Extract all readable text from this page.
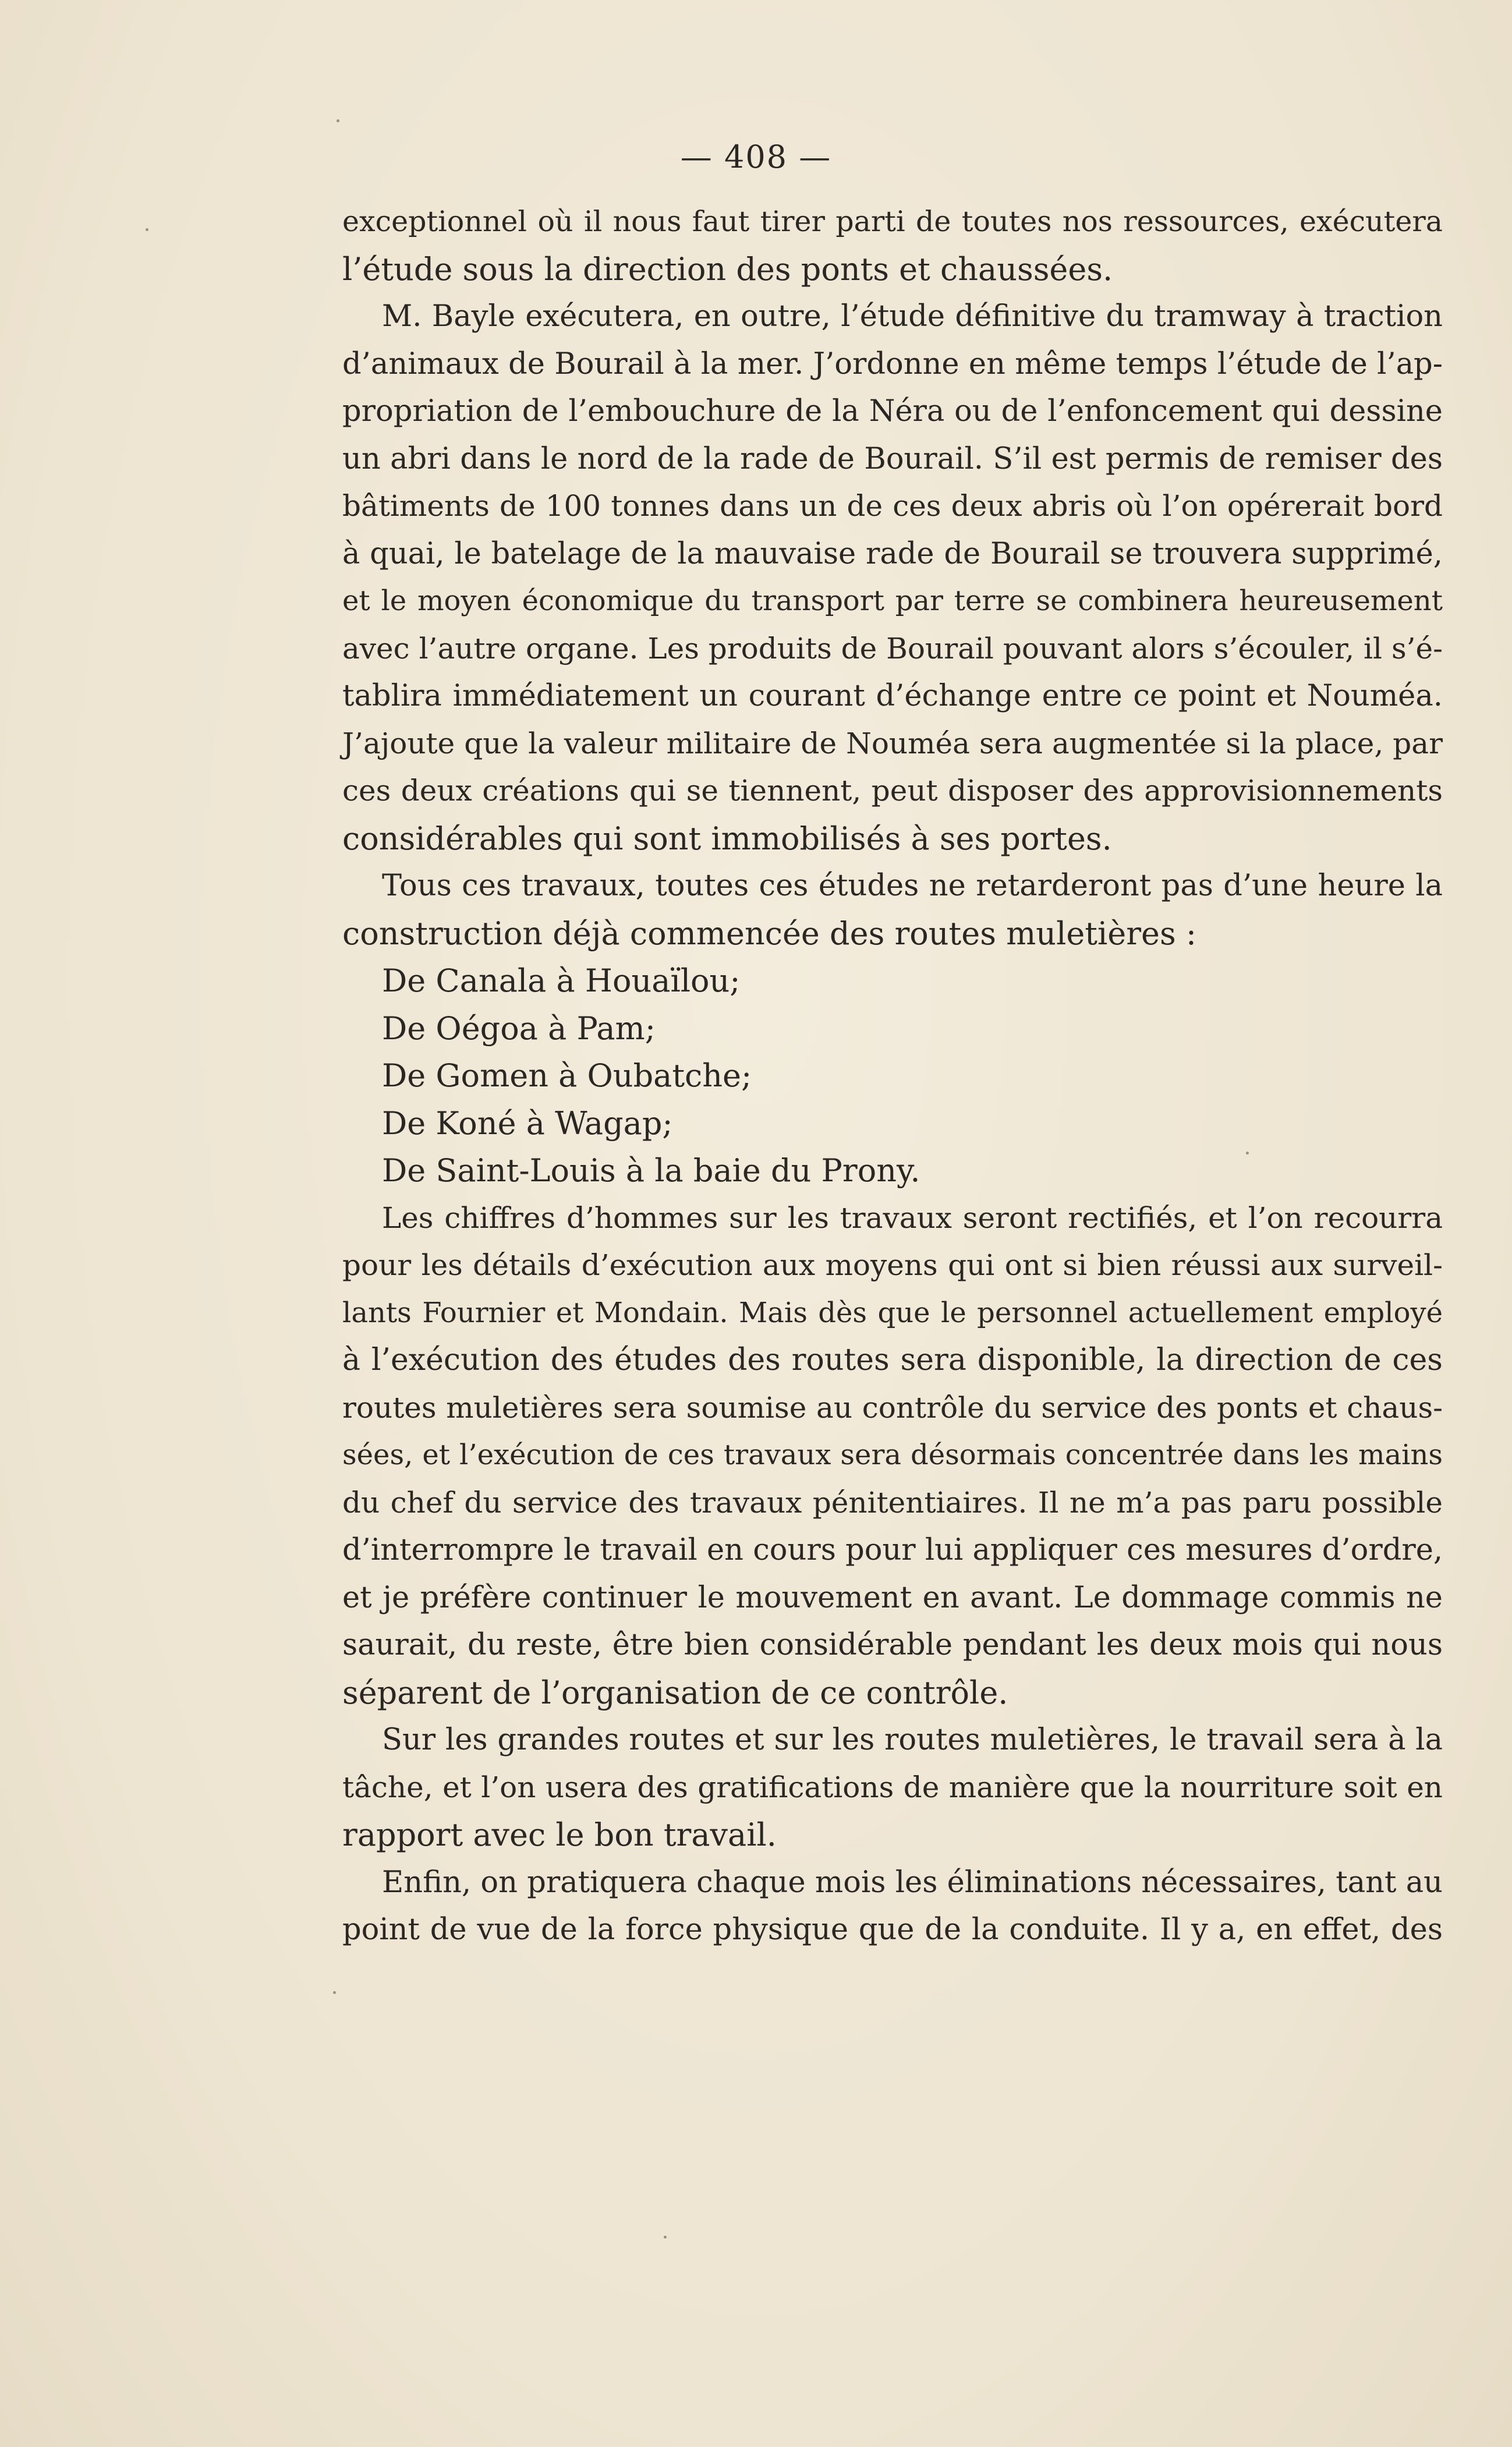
— 408 —
exceptionnel où il nous faut tirer parti de toutes nos ressources, exécutera
l’étude sous la direction des ponts et chaussées.
M. Bayle exécutera, en outre, l’étude définitive du tramway à traction
d’animaux de Bourail à la mer. J’ordonne en même temps l’étude de l’ap-
propriation de l’embouchure de la Néra ou de l’enfoncement qui dessine
un abri dans le nord de la rade de Bourail. S’il est permis de remiser des
bâtiments de 100 tonnes dans un de ces deux abris où l’on opérerait bord
à quai, le batelage de la mauvaise rade de Bourail se trouvera supprimé,
et le moyen économique du transport par terre se combinera heureusement
avec l’autre organe. Les produits de Bourail pouvant alors s’écouler, il s’é-
tablira immédiatement un courant d’échange entre ce point et Nouméa.
J’ajoute que la valeur militaire de Nouméa sera augmentée si la place, par
ces deux créations qui se tiennent, peut disposer des approvisionnements
considérables qui sont immobilisés à ses portes.
Tous ces travaux, toutes ces études ne retarderont pas d’une heure la
construction déjà commencée des routes muletières :
De Canala à Houaïlou;
De Oégoa à Pam;
De Gomen à Oubatche;
De Koné à Wagap;
De Saint-Louis à la baie du Prony.
Les chiffres d’hommes sur les travaux seront rectifiés, et l’on recourra
pour les détails d’exécution aux moyens qui ont si bien réussi aux surveil-
lants Fournier et Mondain. Mais dès que le personnel actuellement employé
à l’exécution des études des routes sera disponible, la direction de ces
routes muletières sera soumise au contrôle du service des ponts et chaus-
sées, et l’exécution de ces travaux sera désormais concentrée dans les mains
du chef du service des travaux pénitentiaires. Il ne m’a pas paru possible
d’interrompre le travail en cours pour lui appliquer ces mesures d’ordre,
et je préfère continuer le mouvement en avant. Le dommage commis ne
saurait, du reste, être bien considérable pendant les deux mois qui nous
séparent de l’organisation de ce contrôle.
Sur les grandes routes et sur les routes muletières, le travail sera à la
tâche, et l’on usera des gratifications de manière que la nourriture soit en
rapport avec le bon travail.
Enfin, on pratiquera chaque mois les éliminations nécessaires, tant au
point de vue de la force physique que de la conduite. Il y a, en effet, des
